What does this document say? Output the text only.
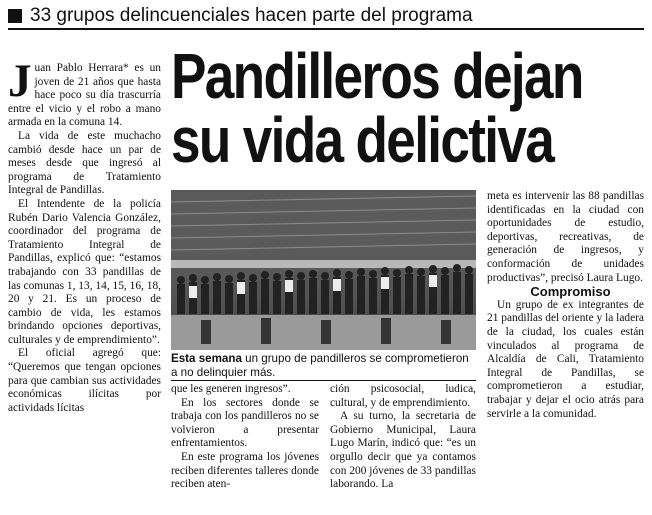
33 grupos delincuenciales hacen parte del programa

Juan Pablo Herrara* es un joven de 21 años que hasta hace poco su día trascurría entre el vicio y el robo a mano armada en la comuna 14.

La vida de este muchacho cambió desde hace un par de meses desde que ingresó al programa de Tratamiento Integral de Pandillas.

El Intendente de la policía Rubén Dario Valencia González, coordinador del programa de Tratamiento Integral de Pandillas, explicó que: “estamos trabajando con 33 pandillas de las comunas 1, 13, 14, 15, 16, 18, 20 y 21. Es un proceso de cambio de vida, les estamos brindando opciones deportivas, culturales y de emprendimiento”.

El oficial agregó que: “Queremos que tengan opciones para que cambian sus actividades económicas ilícitas por actividads lícitas

Pandilleros dejan
su vida delictiva
Esta semana un grupo de pandilleros se comprometieron a no delinquier más.

que les generen ingresos”.

En los sectores donde se trabaja con los pandilleros no se volvieron a presentar enfrentamientos.

En este programa los jóvenes reciben diferentes talleres donde reciben aten-

ción psicosocial, ludica, cultural, y de emprendimiento.

A su turno, la secretaria de Gobierno Municipal, Laura Lugo Marín, indicó que: “es un orgullo decir que ya contamos con 200 jóvenes de 33 pandillas laborando. La

meta es intervenir las 88 pandillas identificadas en la ciudad con oportunidades de estudio, deportivas, recreativas, de generación de ingresos, y conformación de unidades productivas”, precisó Laura Lugo.

Compromiso

Un grupo de ex integrantes de 21 pandillas del oriente y la ladera de la ciudad, los cuales están vinculados al programa de Alcaldía de Cali, Tratamiento Integral de Pandillas, se comprometieron a estudiar, trabajar y dejar el ocio atrás para servirle a la comunidad.
